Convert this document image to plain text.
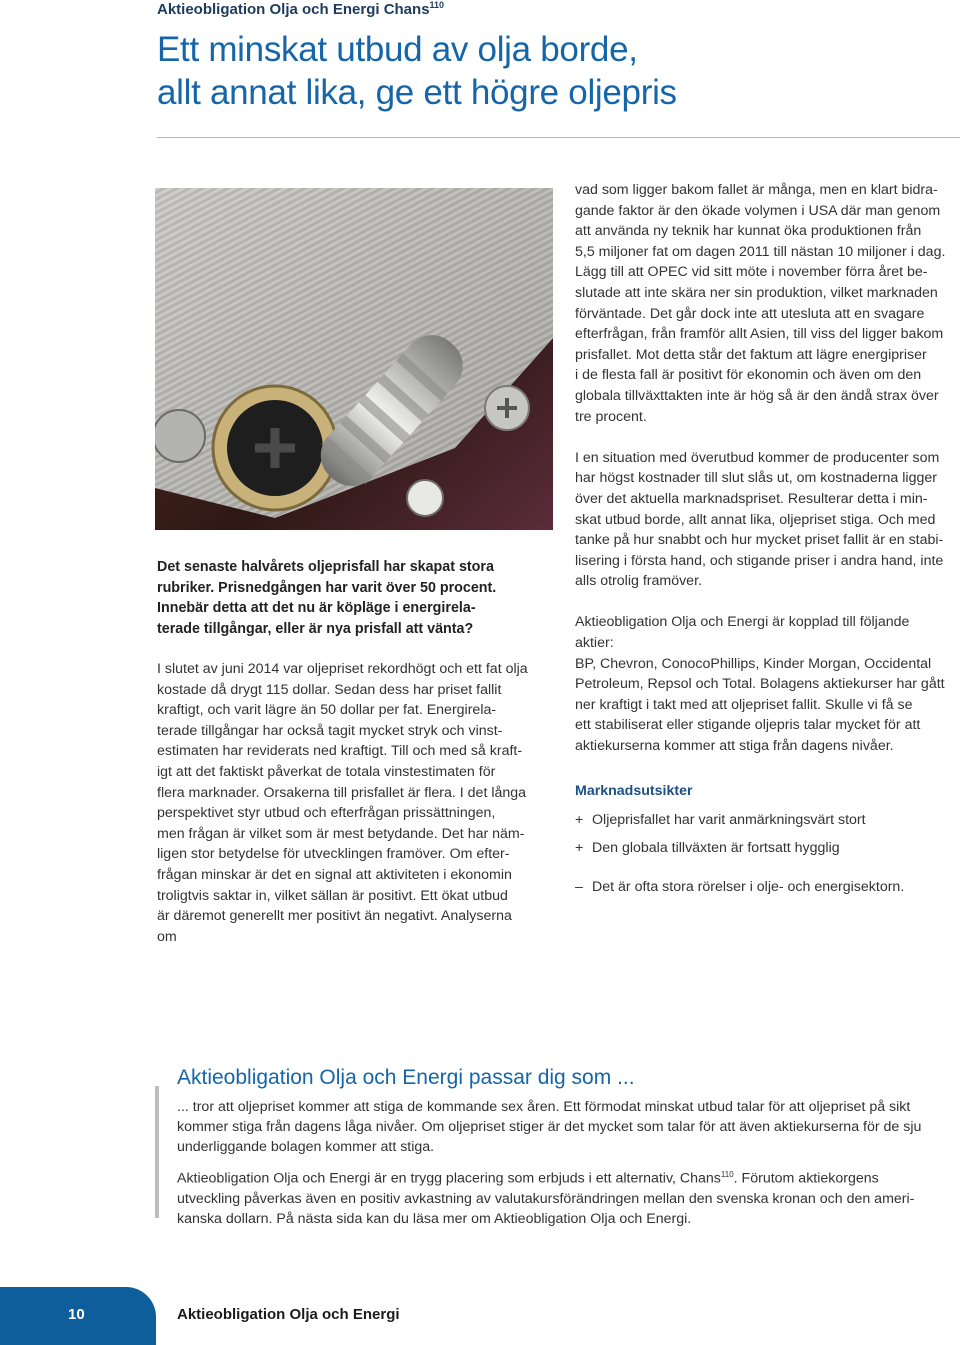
Aktieobligation Olja och Energi Chans$^{110}$
Ett minskat utbud av olja borde,
allt annat lika, ge ett högre oljepris
Det senaste halvårets oljeprisfall har skapat stora
rubriker. Prisnedgången har varit över 50 procent.
Innebär detta att det nu är köpläge i energirela-
terade tillgångar, eller är nya prisfall att vänta?
I slutet av juni 2014 var oljepriset rekordhögt och ett fat olja
kostade då drygt 115 dollar. Sedan dess har priset fallit
kraftigt, och varit lägre än 50 dollar per fat. Energirela-
terade tillgångar har också tagit mycket stryk och vinst-
estimaten har reviderats ned kraftigt. Till och med så kraft-
igt att det faktiskt påverkat de totala vinstestimaten för
flera marknader. Orsakerna till prisfallet är flera. I det långa
perspektivet styr utbud och efterfrågan prissättningen,
men frågan är vilket som är mest betydande. Det har näm-
ligen stor betydelse för utvecklingen framöver. Om efter-
frågan minskar är det en signal att aktiviteten i ekonomin
troligtvis saktar in, vilket sällan är positivt. Ett ökat utbud
är däremot generellt mer positivt än negativt. Analyserna om

vad som ligger bakom fallet är många, men en klart bidra-
gande faktor är den ökade volymen i USA där man genom
att använda ny teknik har kunnat öka produktionen från
5,5 miljoner fat om dagen 2011 till nästan 10 miljoner i dag.
Lägg till att OPEC vid sitt möte i november förra året be-
slutade att inte skära ner sin produktion, vilket marknaden
förväntade. Det går dock inte att utesluta att en svagare
efterfrågan, från framför allt Asien, till viss del ligger bakom
prisfallet. Mot detta står det faktum att lägre energipriser
i de flesta fall är positivt för ekonomin och även om den
globala tillväxttakten inte är hög så är den ändå strax över
tre procent.

I en situation med överutbud kommer de producenter som
har högst kostnader till slut slås ut, om kostnaderna ligger
över det aktuella marknadspriset. Resulterar detta i min-
skat utbud borde, allt annat lika, oljepriset stiga. Och med
tanke på hur snabbt och hur mycket priset fallit är en stabi-
lisering i första hand, och stigande priser i andra hand, inte
alls otrolig framöver.

Aktieobligation Olja och Energi är kopplad till följande aktier:
BP, Chevron, ConocoPhillips, Kinder Morgan, Occidental
Petroleum, Repsol och Total. Bolagens aktiekurser har gått
ner kraftigt i takt med att oljepriset fallit. Skulle vi få se
ett stabiliserat eller stigande oljepris talar mycket för att
aktiekurserna kommer att stiga från dagens nivåer.

Marknadsutsikter
+ Oljeprisfallet har varit anmärkningsvärt stort
+ Den globala tillväxten är fortsatt hygglig
– Det är ofta stora rörelser i olje- och energisektorn.
Aktieobligation Olja och Energi passar dig som ...

... tror att oljepriset kommer att stiga de kommande sex åren. Ett förmodat minskat utbud talar för att oljepriset på sikt
kommer stiga från dagens låga nivåer. Om oljepriset stiger är det mycket som talar för att även aktiekurserna för de sju
underliggande bolagen kommer att stiga.

Aktieobligation Olja och Energi är en trygg placering som erbjuds i ett alternativ, Chans$^{110}$. Förutom aktiekorgens
utveckling påverkas även en positiv avkastning av valutakursförändringen mellan den svenska kronan och den ameri-
kanska dollarn. På nästa sida kan du läsa mer om Aktieobligation Olja och Energi.

10	Aktieobligation Olja och Energi
